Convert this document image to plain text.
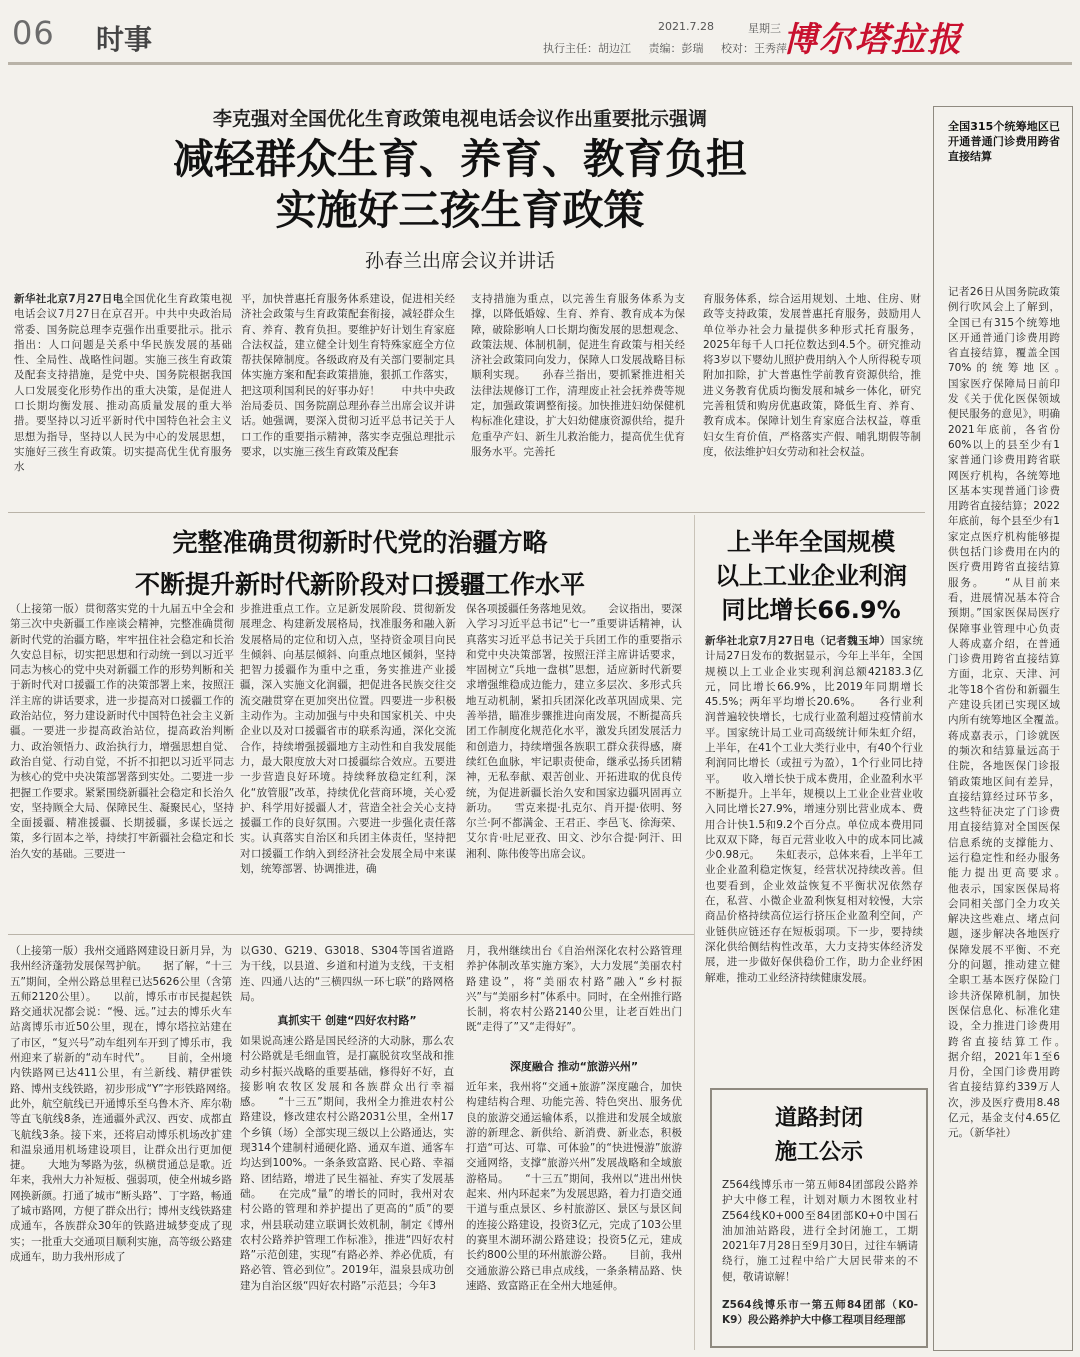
06 时事	2021.7.28	星期三
执行主任：胡边江 责编：彭瑞 校对：王秀萍
博尔塔拉报
李克强对全国优化生育政策电视电话会议作出重要批示强调
减轻群众生育、养育、教育负担
实施好三孩生育政策
孙春兰出席会议并讲话
新华社北京7月27日电全国优化生育政策电视电话会议7月27日在京召开。中共中央政治局常委、国务院总理李克强作出重要批示。批示指出：人口问题是关系中华民族发展的基础性、全局性、战略性问题。实施三孩生育政策及配套支持措施，是党中央、国务院根据我国人口发展变化形势作出的重大决策，是促进人口长期均衡发展、推动高质量发展的重大举措。要坚持以习近平新时代中国特色社会主义思想为指导，坚持以人民为中心的发展思想，实施好三孩生育政策。切实提高优生优育服务水
平，加快普惠托育服务体系建设，促进相关经济社会政策与生育政策配套衔接，减轻群众生育、养育、教育负担。要维护好计划生育家庭合法权益，建立健全计划生育特殊家庭全方位帮扶保障制度。各级政府及有关部门要制定具体实施方案和配套政策措施，狠抓工作落实，把这项利国利民的好事办好！　　中共中央政治局委员、国务院副总理孙春兰出席会议并讲话。她强调，要深入贯彻习近平总书记关于人口工作的重要指示精神，落实李克强总理批示要求，以实施三孩生育政策及配套
支持措施为重点，以完善生育服务体系为支撑，以降低婚嫁、生育、养育、教育成本为保障，破除影响人口长期均衡发展的思想观念、政策法规、体制机制，促进生育政策与相关经济社会政策同向发力，保障人口发展战略目标顺利实现。　　孙春兰指出，要抓紧推进相关法律法规修订工作，清理废止社会抚养费等规定，加强政策调整衔接。加快推进妇幼保健机构标准化建设，扩大妇幼健康资源供给，提升危重孕产妇、新生儿救治能力，提高优生优育服务水平。完善托
育服务体系，综合运用规划、土地、住房、财政等支持政策，发展普惠托育服务，鼓励用人单位举办社会力量提供多种形式托育服务，2025年每千人口托位数达到4.5个。研究推动将3岁以下婴幼儿照护费用纳入个人所得税专项附加扣除，扩大普惠性学前教育资源供给，推进义务教育优质均衡发展和城乡一体化，研究完善租赁和购房优惠政策，降低生育、养育、教育成本。保障计划生育家庭合法权益，尊重妇女生育价值，严格落实产假、哺乳期假等制度，依法维护妇女劳动和社会权益。
完整准确贯彻新时代党的治疆方略
不断提升新时代新阶段对口援疆工作水平
（上接第一版）贯彻落实党的十九届五中全会和第三次中央新疆工作座谈会精神，完整准确贯彻新时代党的治疆方略，牢牢扭住社会稳定和长治久安总目标，切实把思想和行动统一到以习近平同志为核心的党中央对新疆工作的形势判断和关于新时代对口援疆工作的决策部署上来，按照汪洋主席的讲话要求，进一步提高对口援疆工作的政治站位，努力建设新时代中国特色社会主义新疆。一要进一步提高政治站位，提高政治判断力、政治领悟力、政治执行力，增强思想自觉、政治自觉、行动自觉，不折不扣把以习近平同志为核心的党中央决策部署落到实处。二要进一步把握工作要求。紧紧围绕新疆社会稳定和长治久安，坚持顾全大局、保障民生、凝聚民心，坚持全面援疆、精准援疆、长期援疆，多谋长远之策，多行固本之举，持续打牢新疆社会稳定和长治久安的基础。三要进一
步推进重点工作。立足新发展阶段、贯彻新发展理念、构建新发展格局，找准服务和融入新发展格局的定位和切入点，坚持资金项目向民生倾斜、向基层倾斜、向重点地区倾斜，坚持把智力援疆作为重中之重，务实推进产业援疆，深入实施文化润疆，把促进各民族交往交流交融贯穿在更加突出位置。四要进一步积极主动作为。主动加强与中央和国家机关、中央企业以及对口援疆省市的联系沟通，深化交流合作，持续增强援疆地方主动性和自我发展能力，最大限度放大对口援疆综合效应。五要进一步营造良好环境。持续释放稳定红利，深化“放管服”改革，持续优化营商环境，关心爱护、科学用好援疆人才，营造全社会关心支持援疆工作的良好氛围。六要进一步强化责任落实。认真落实自治区和兵团主体责任，坚持把对口援疆工作纳入到经济社会发展全局中来谋划，统筹部署、协调推进，确
保各项援疆任务落地见效。　　会议指出，要深入学习习近平总书记“七一”重要讲话精神，认真落实习近平总书记关于兵团工作的重要指示和党中央决策部署，按照汪洋主席讲话要求，牢固树立“兵地一盘棋”思想，适应新时代新要求增强维稳成边能力，建立多层次、多形式兵地互动机制，紧扣兵团深化改革巩固成果、完善举措，瞄准步骤推进向南发展，不断提高兵团工作制度化规范化水平，激发兵团发展活力和创造力，持续增强各族职工群众获得感，赓续红色血脉，牢记职责使命，继承弘扬兵团精神，无私奉献、艰苦创业、开拓进取的优良传统，为促进新疆长治久安和国家边疆巩固再立新功。　　雪克来提·扎克尔、肖开提·依明、努尔兰·阿不都满金、王君正、李邑飞、徐海荣、艾尔肯·吐尼亚孜、田文、沙尔合提·阿汗、田湘利、陈伟俊等出席会议。
上半年全国规模
以上工业企业利润
同比增长66.9%
新华社北京7月27日电（记者魏玉坤）国家统计局27日发布的数据显示，今年上半年，全国规模以上工业企业实现利润总额42183.3亿元，同比增长66.9%，比2019年同期增长45.5%；两年平均增长20.6%。　　各行业利润普遍较快增长，七成行业盈利超过疫情前水平。国家统计局工业司高级统计师朱虹介绍，上半年，在41个工业大类行业中，有40个行业利润同比增长（或扭亏为盈），1个行业同比持平。　　收入增长快于成本费用，企业盈利水平不断提升。上半年，规模以上工业企业营业收入同比增长27.9%，增速分别比营业成本、费用合计快1.5和9.2个百分点。单位成本费用同比双双下降，每百元营业收入中的成本同比减少0.98元。　　朱虹表示，总体来看，上半年工业企业盈利稳定恢复，经营状况持续改善。但也要看到，企业效益恢复不平衡状况依然存在，私营、小微企业盈利恢复相对较慢，大宗商品价格持续高位运行挤压企业盈利空间，产业链供应链还存在短板弱项。下一步，要持续深化供给侧结构性改革，大力支持实体经济发展，进一步做好保供稳价工作，助力企业纾困解难，推动工业经济持续健康发展。
（上接第一版）我州交通路网建设日新月异，为我州经济蓬勃发展保驾护航。　　据了解，“十三五”期间，全州公路总里程已达5626公里（含第五师2120公里）。　　以前，博乐市市民提起铁路交通状况都会说：“慢、远。”过去的博乐火车站离博乐市近50公里，现在，博尔塔拉站建在了市区，“复兴号”动车组列车开到了博乐市，我州迎来了崭新的“动车时代”。　　目前，全州境内铁路网已达411公里，有兰新线、精伊霍铁路、博州支线铁路，初步形成“Y”字形铁路网络。　　此外，航空航线已开通博乐至乌鲁木齐、库尔勒等直飞航线8条，连通疆外武汉、西安、成都直飞航线3条。接下来，还将启动博乐机场改扩建和温泉通用机场建设项目，让群众出行更加便捷。　　大地为琴路为弦，纵横贯通总是歌。近年来，我州大力补短板、强弱项，使全州城乡路网换新颜。打通了城市“断头路”、丁字路，畅通了城市路网，方便了群众出行；博州支线铁路建成通车，各族群众30年的铁路进城梦变成了现实；一批重大交通项目顺利实施，高等级公路建成通车，助力我州形成了
以G30、G219、G3018、S304等国省道路为干线，以县道、乡道和村道为支线，干支相连、四通八达的“三横四纵一环七联”的路网格局。
真抓实干 创建“四好农村路”
如果说高速公路是国民经济的大动脉，那么农村公路就是毛细血管，是打赢脱贫攻坚战和推动乡村振兴战略的重要基础，修得好不好，直接影响农牧区发展和各族群众出行幸福感。　　“十三五”期间，我州全力推进农村公路建设，修改建农村公路2031公里，全州17个乡镇（场）全部实现三级以上公路通达，实现314个建制村通硬化路、通双车道、通客车均达到100%。一条条致富路、民心路、幸福路、团结路，增进了民生福祉、弃实了发展基础。　　在完成“量”的增长的同时，我州对农村公路的管理和养护提出了更高的“质”的要求，州县联动建立联调长效机制，制定《博州农村公路养护管理工作标准》，推进“四好农村路”示范创建，实现“有路必养、养必优质，有路必管、管必到位”。2019年，温泉县成功创建为自治区级“四好农村路”示范县；今年3
月，我州继续出台《自治州深化农村公路管理养护体制改革实施方案》，大力发展“美丽农村路建设”，将“美丽农村路”融入“乡村振兴”与“美丽乡村”体系中。同时，在全州推行路长制，将农村公路2140公里，让老百姓出门既“走得了”又“走得好”。
深度融合 推动“旅游兴州”
近年来，我州将“交通+旅游”深度融合，加快构建结构合理、功能完善、特色突出、服务优良的旅游交通运输体系，以推进和发展全域旅游的新理念、新供给、新消费、新业态，积极打造“可达、可靠、可体验”的“快进慢游”旅游交通网络，支撑“旅游兴州”发展战略和全域旅游格局。　　“十三五”期间，我州以“进出州快起来、州内环起来”为发展思路，着力打造交通干道与重点景区、乡村旅游区、景区与景区间的连接公路建设，投资3亿元，完成了103公里的赛里木湖环湖公路建设；投资5亿元，建成长约800公里的环州旅游公路。　　目前，我州交通旅游公路已串点成线，一条条精品路、快速路、致富路正在全州大地延伸。
道路封闭
施工公示
Z564线博乐市一第五师84团部段公路养护大中修工程，计划对顺力木图牧业村Z564线K0+000至84团部K0+0中国石油加油站路段，进行全封闭施工，工期2021年7月28日至9月30日，过往车辆请绕行，施工过程中给广大居民带来的不便，敬请谅解！
Z564线博乐市一第五师84团部（K0-K9）段公路养护大中修工程项目经理部
全国315个统筹地区已开通普通门诊费用跨省直接结算
记者26日从国务院政策例行吹风会上了解到，全国已有315个统筹地区开通普通门诊费用跨省直接结算，覆盖全国70%的统筹地区。　　国家医疗保障局日前印发《关于优化医保领域便民服务的意见》，明确2021年底前，各省份60%以上的县至少有1家普通门诊费用跨省联网医疗机构，各统筹地区基本实现普通门诊费用跨省直接结算；2022年底前，每个县至少有1家定点医疗机构能够提供包括门诊费用在内的医疗费用跨省直接结算服务。　　“从目前来看，进展情况基本符合预期。”国家医保局医疗保障事业管理中心负责人蒋成嘉介绍，在普通门诊费用跨省直接结算方面，北京、天津、河北等18个省份和新疆生产建设兵团已实现区域内所有统筹地区全覆盖。　　蒋成嘉表示，门诊就医的频次和结算量远高于住院，各地医保门诊报销政策地区间有差异，直接结算经过环节多，这些特征决定了门诊费用直接结算对全国医保信息系统的支撑能力、运行稳定性和经办服务能力提出更高要求。　　他表示，国家医保局将会同相关部门全力攻关解决这些难点、堵点问题，逐步解决各地医疗保障发展不平衡、不充分的问题，推动建立健全职工基本医疗保险门诊共济保障机制，加快医保信息化、标准化建设，全力推进门诊费用跨省直接结算工作。　　据介绍，2021年1至6月份，全国门诊费用跨省直接结算约339万人次，涉及医疗费用8.48亿元，基金支付4.65亿元。（新华社）
